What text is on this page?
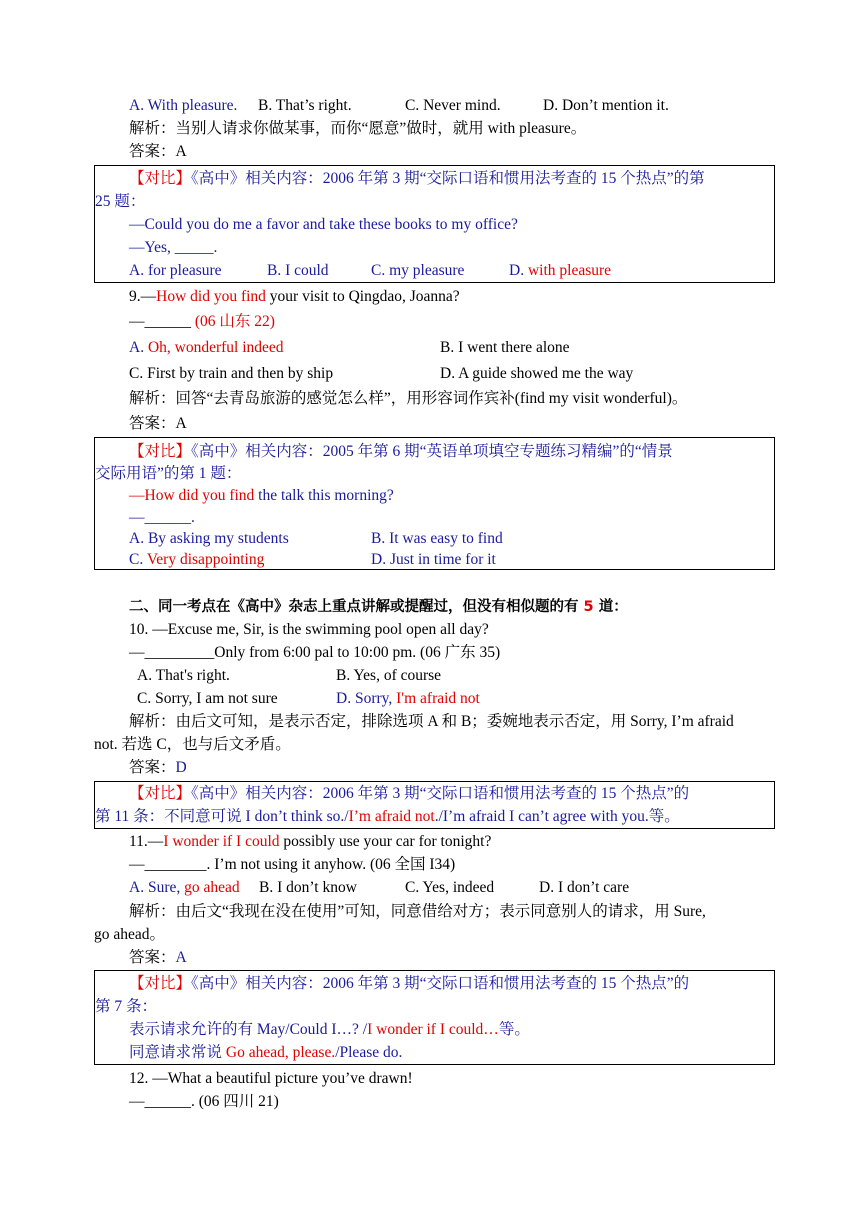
A. With pleasure. B. That’s right.	C. Never mind.	D. Don’t mention it.
解析：当别人请求你做某事，而你“愿意”做时，就用 with pleasure。
答案：A
【对比】《高中》相关内容：2006 年第 3 期“交际口语和惯用法考查的 15 个热点”的第
25 题：
—Could you do me a favor and take these books to my office?
—Yes, _____.
A. for pleasure	B. I could	C. my pleasure	D. with pleasure
9.—How did you find your visit to Qingdao, Joanna?
—______ (06 山东 22)
A. Oh, wonderful indeed	B. I went there alone
C. First by train and then by ship	D. A guide showed me the way
解析：回答“去青岛旅游的感觉怎么样”，用形容词作宾补(find my visit wonderful)。
答案：A
【对比】《高中》相关内容：2005 年第 6 期“英语单项填空专题练习精编”的“情景
交际用语”的第 1 题：
—How did you find the talk this morning?
—______.
A. By asking my students	B. It was easy to find
C. Very disappointing	D. Just in time for it
二、同一考点在《高中》杂志上重点讲解或提醒过，但没有相似题的有 5 道：
10. —Excuse me, Sir, is the swimming pool open all day?
—_________Only from 6:00 pal to 10:00 pm. (06 广东 35)
A. That's right.	B. Yes, of course
C. Sorry, I am not sure	D. Sorry, I'm afraid not
解析：由后文可知，是表示否定，排除选项 A 和 B；委婉地表示否定，用 Sorry, I’m afraid
not. 若选 C，也与后文矛盾。
答案：D
【对比】《高中》相关内容：2006 年第 3 期“交际口语和惯用法考查的 15 个热点”的
第 11 条：不同意可说 I don’t think so./I’m afraid not./I’m afraid I can’t agree with you.等。
11.—I wonder if I could possibly use your car for tonight?
—________. I’m not using it anyhow. (06 全国 I34)
A. Sure, go ahead B. I don’t know	C. Yes, indeed	D. I don’t care
解析：由后文“我现在没在使用”可知，同意借给对方；表示同意别人的请求，用 Sure,
go ahead。
答案：A
【对比】《高中》相关内容：2006 年第 3 期“交际口语和惯用法考查的 15 个热点”的
第 7 条：
表示请求允许的有 May/Could I…? /I wonder if I could…等。
同意请求常说 Go ahead, please./Please do.
12. —What a beautiful picture you’ve drawn!
—______. (06 四川 21)
